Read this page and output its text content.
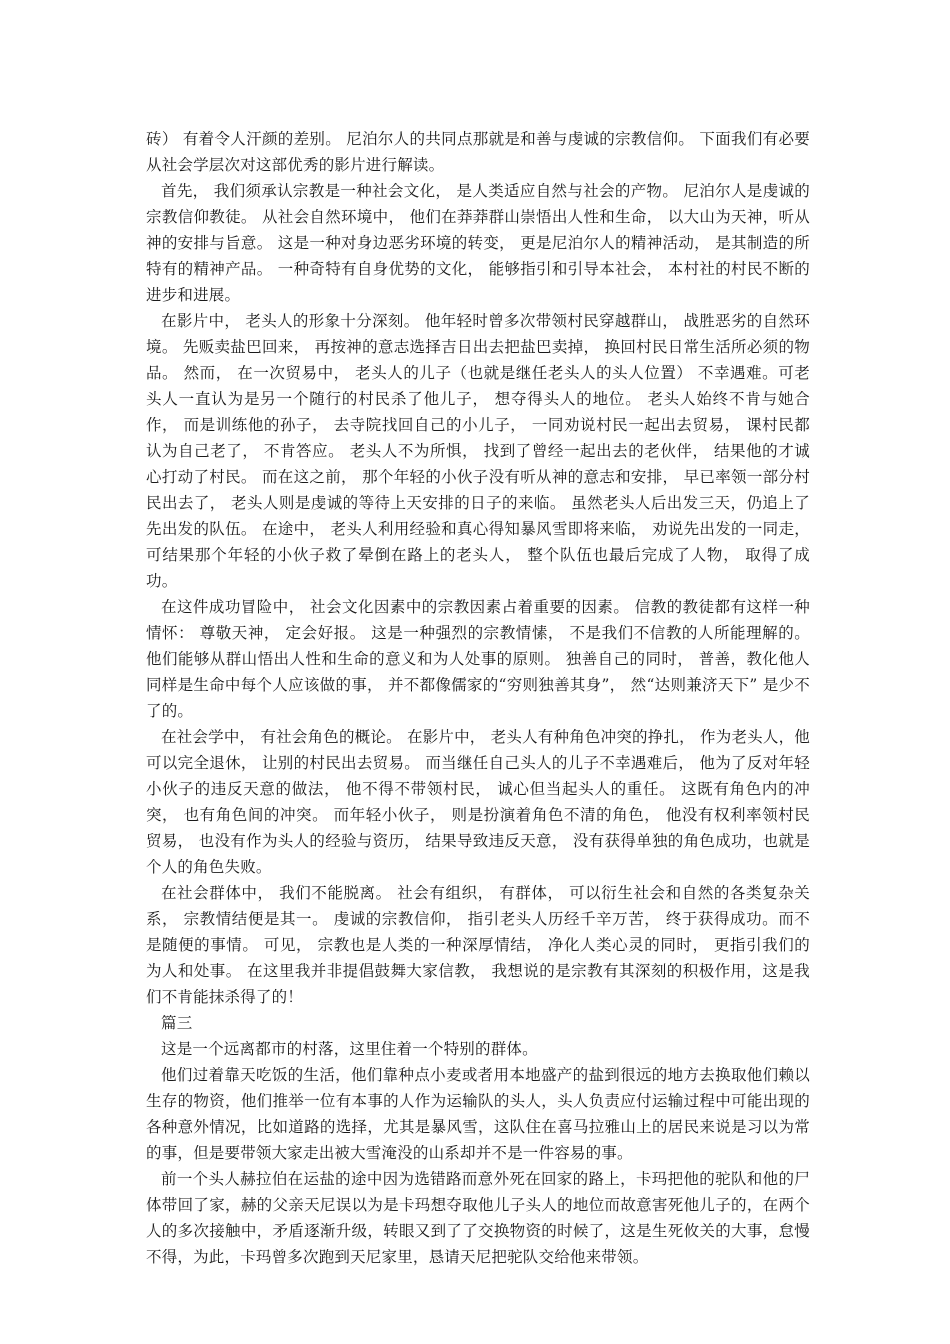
砖） 有着令人汗颜的差别。 尼泊尔人的共同点那就是和善与虔诚的宗教信仰。 下面我们有必要从社会学层次对这部优秀的影片进行解读。

首先， 我们须承认宗教是一种社会文化， 是人类适应自然与社会的产物。 尼泊尔人是虔诚的宗教信仰教徒。 从社会自然环境中， 他们在莽莽群山崇悟出人性和生命， 以大山为天神，听从神的安排与旨意。 这是一种对身边恶劣环境的转变， 更是尼泊尔人的精神活动， 是其制造的所特有的精神产品。 一种奇特有自身优势的文化， 能够指引和引导本社会， 本村社的村民不断的进步和进展。

在影片中， 老头人的形象十分深刻。 他年轻时曾多次带领村民穿越群山， 战胜恶劣的自然环境。 先贩卖盐巴回来， 再按神的意志选择吉日出去把盐巴卖掉， 换回村民日常生活所必须的物品。 然而， 在一次贸易中， 老头人的儿子（也就是继任老头人的头人位置） 不幸遇难。可老头人一直认为是另一个随行的村民杀了他儿子， 想夺得头人的地位。 老头人始终不肯与她合作， 而是训练他的孙子， 去寺院找回自己的小儿子， 一同劝说村民一起出去贸易， 课村民都认为自己老了， 不肯答应。 老头人不为所惧， 找到了曾经一起出去的老伙伴， 结果他的才诚心打动了村民。 而在这之前， 那个年轻的小伙子没有听从神的意志和安排， 早已率领一部分村民出去了， 老头人则是虔诚的等待上天安排的日子的来临。 虽然老头人后出发三天，仍追上了先出发的队伍。 在途中， 老头人利用经验和真心得知暴风雪即将来临， 劝说先出发的一同走， 可结果那个年轻的小伙子救了晕倒在路上的老头人， 整个队伍也最后完成了人物， 取得了成功。

在这件成功冒险中， 社会文化因素中的宗教因素占着重要的因素。 信教的教徒都有这样一种情怀： 尊敬天神， 定会好报。 这是一种强烈的宗教情愫， 不是我们不信教的人所能理解的。 他们能够从群山悟出人性和生命的意义和为人处事的原则。 独善自己的同时， 普善，教化他人同样是生命中每个人应该做的事， 并不都像儒家的“穷则独善其身”， 然“达则兼济天下” 是少不了的。

在社会学中， 有社会角色的概论。 在影片中， 老头人有种角色冲突的挣扎， 作为老头人，他可以完全退休， 让别的村民出去贸易。 而当继任自己头人的儿子不幸遇难后， 他为了反对年轻小伙子的违反天意的做法， 他不得不带领村民， 诚心但当起头人的重任。 这既有角色内的冲突， 也有角色间的冲突。 而年轻小伙子， 则是扮演着角色不清的角色， 他没有权利率领村民贸易， 也没有作为头人的经验与资历， 结果导致违反天意， 没有获得单独的角色成功，也就是个人的角色失败。

在社会群体中， 我们不能脱离。 社会有组织， 有群体， 可以衍生社会和自然的各类复杂关系， 宗教情结便是其一。 虔诚的宗教信仰， 指引老头人历经千辛万苦， 终于获得成功。而不是随便的事情。 可见， 宗教也是人类的一种深厚情结， 净化人类心灵的同时， 更指引我们的为人和处事。 在这里我并非提倡鼓舞大家信教， 我想说的是宗教有其深刻的积极作用，这是我们不肯能抹杀得了的！

篇三

这是一个远离都市的村落，这里住着一个特别的群体。

他们过着靠天吃饭的生活，他们靠种点小麦或者用本地盛产的盐到很远的地方去换取他们赖以生存的物资，他们推举一位有本事的人作为运输队的头人，头人负责应付运输过程中可能出现的各种意外情况，比如道路的选择，尤其是暴风雪，这队住在喜马拉雅山上的居民来说是习以为常的事，但是要带领大家走出被大雪淹没的山系却并不是一件容易的事。

前一个头人赫拉伯在运盐的途中因为选错路而意外死在回家的路上，卡玛把他的驼队和他的尸体带回了家，赫的父亲天尼误以为是卡玛想夺取他儿子头人的地位而故意害死他儿子的，在两个人的多次接触中，矛盾逐渐升级，转眼又到了了交换物资的时候了，这是生死攸关的大事，怠慢不得，为此，卡玛曾多次跑到天尼家里，恳请天尼把驼队交给他来带领。
